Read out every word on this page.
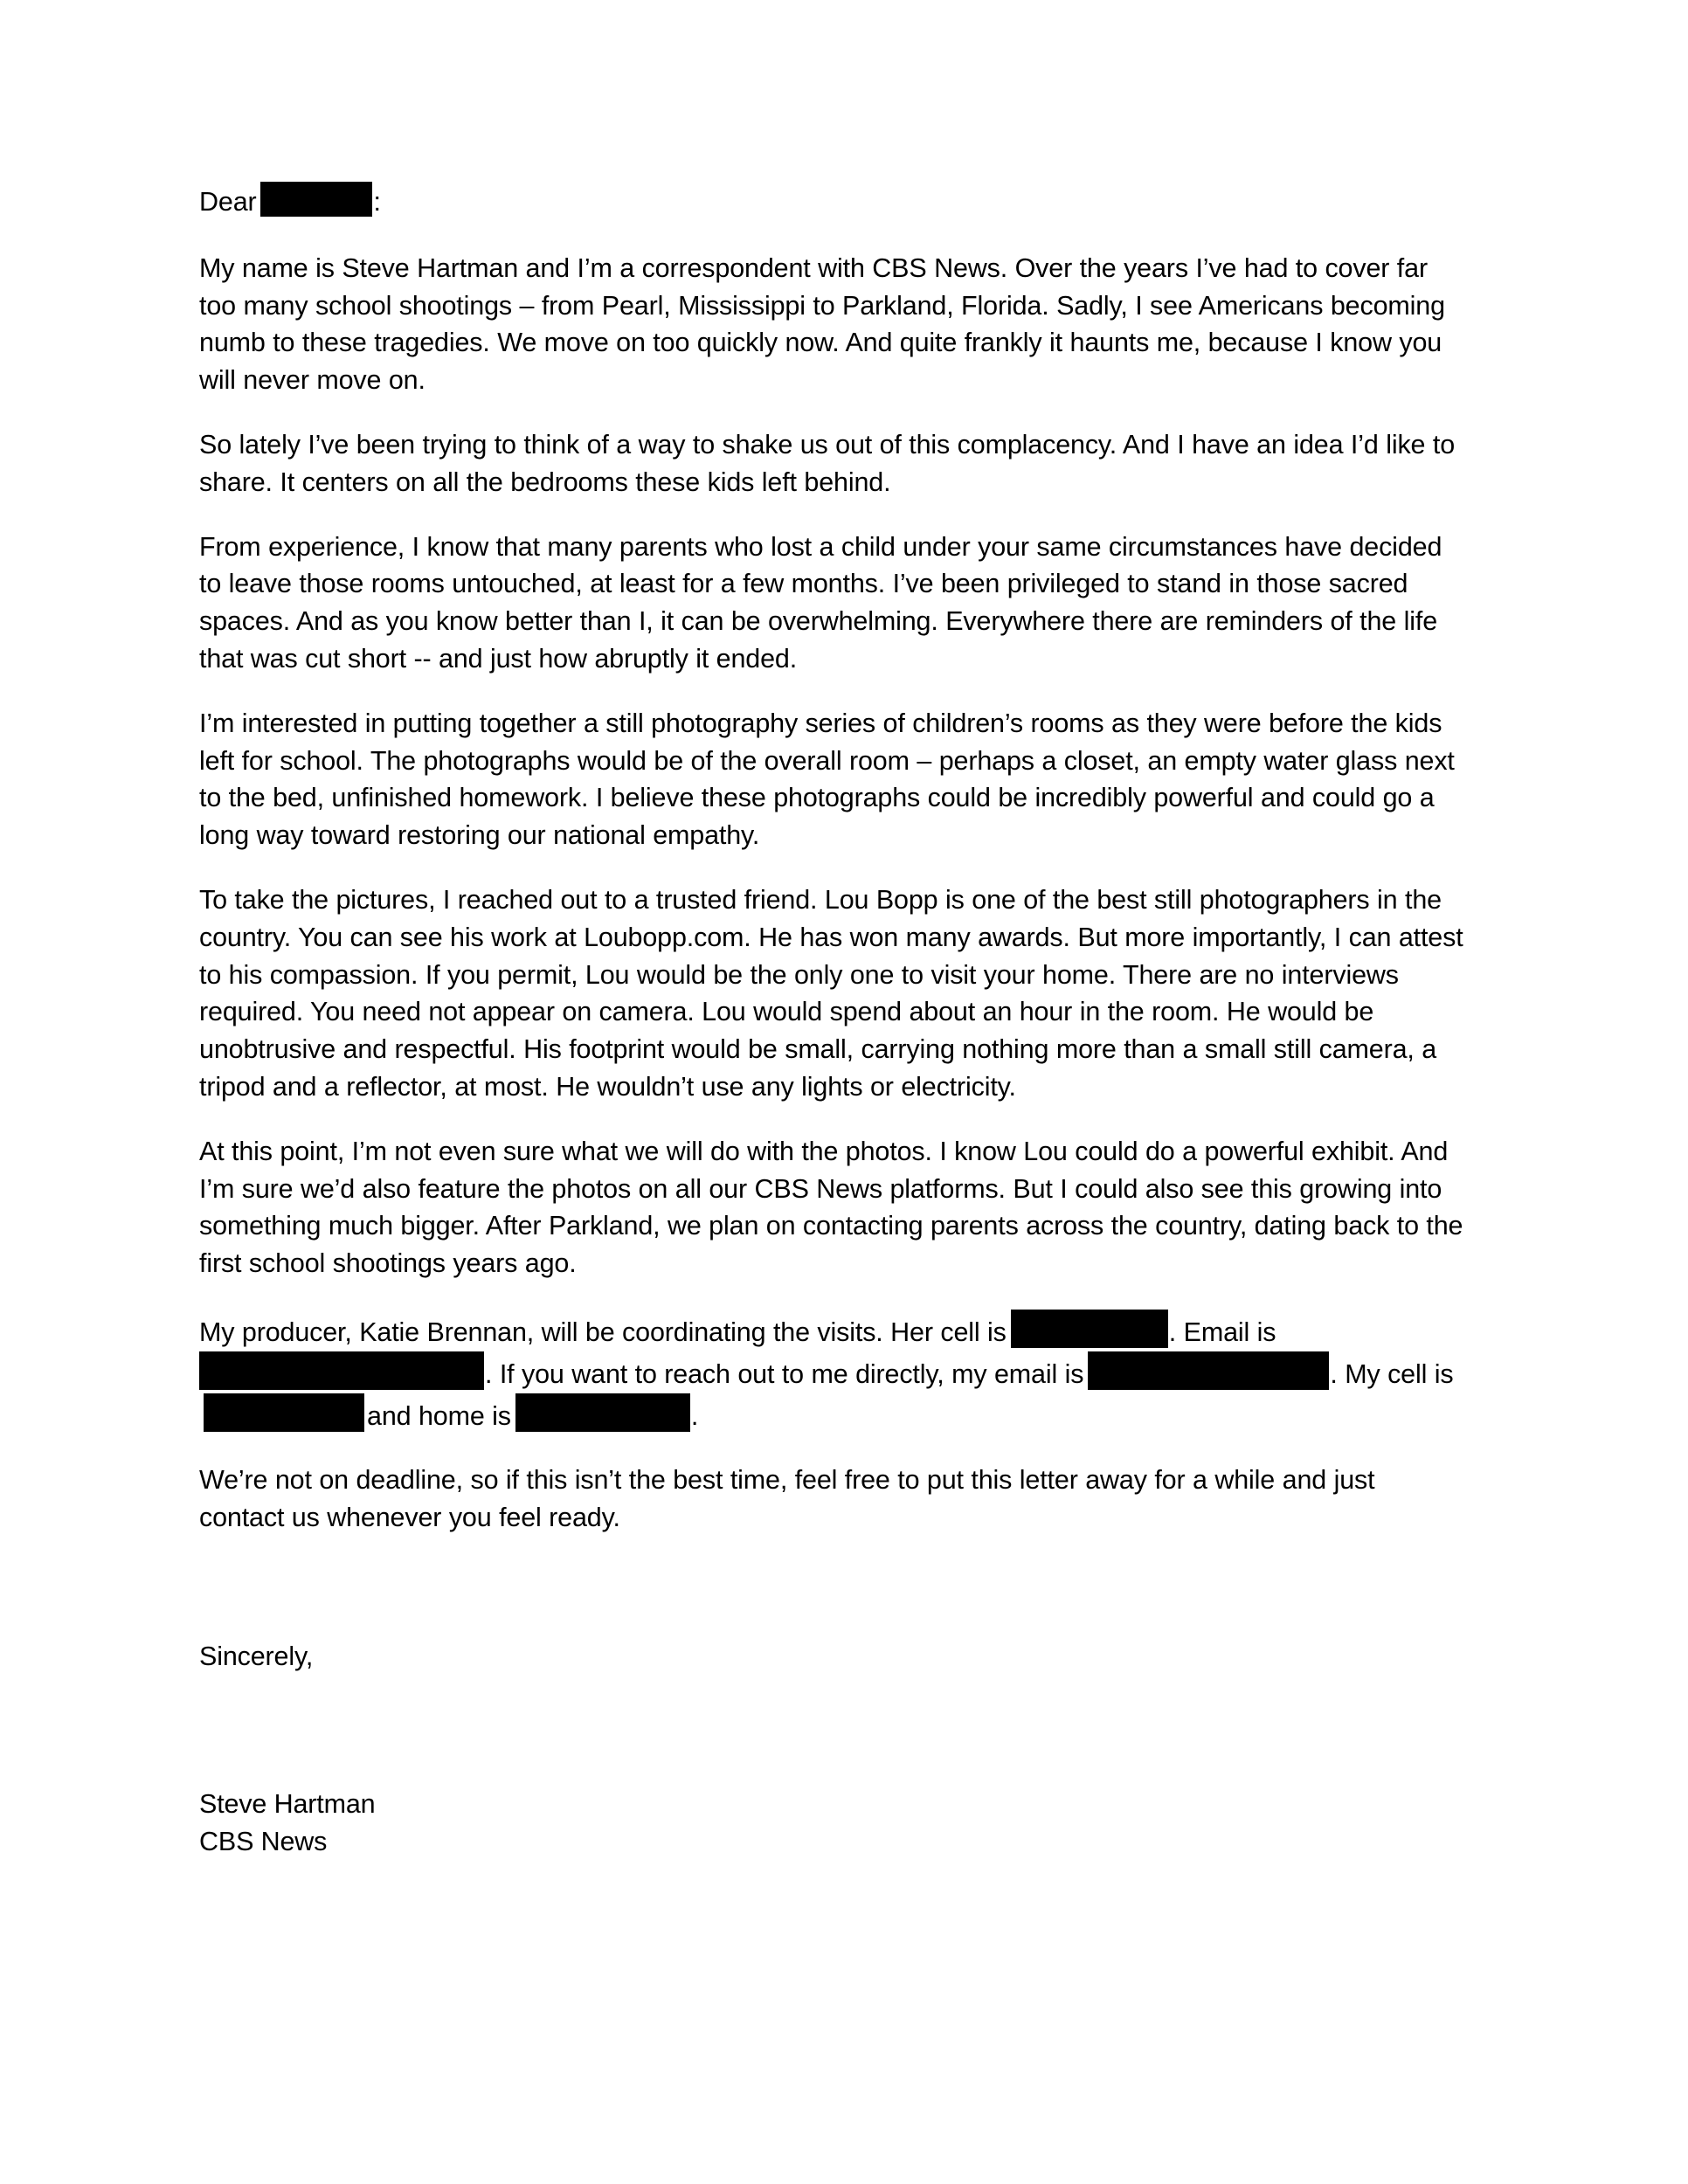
Dear	:

My name is Steve Hartman and I’m a correspondent with CBS News. Over the years I’ve had to cover far too many school shootings – from Pearl, Mississippi to Parkland, Florida. Sadly, I see Americans becoming numb to these tragedies. We move on too quickly now. And quite frankly it haunts me, because I know you will never move on.

So lately I’ve been trying to think of a way to shake us out of this complacency. And I have an idea I’d like to share. It centers on all the bedrooms these kids left behind.

From experience, I know that many parents who lost a child under your same circumstances have decided to leave those rooms untouched, at least for a few months. I’ve been privileged to stand in those sacred spaces. And as you know better than I, it can be overwhelming. Everywhere there are reminders of the life that was cut short -- and just how abruptly it ended.

I’m interested in putting together a still photography series of children’s rooms as they were before the kids left for school. The photographs would be of the overall room – perhaps a closet, an empty water glass next to the bed, unfinished homework. I believe these photographs could be incredibly powerful and could go a long way toward restoring our national empathy.

To take the pictures, I reached out to a trusted friend. Lou Bopp is one of the best still photographers in the country. You can see his work at Loubopp.com. He has won many awards. But more importantly, I can attest to his compassion. If you permit, Lou would be the only one to visit your home. There are no interviews required. You need not appear on camera. Lou would spend about an hour in the room. He would be unobtrusive and respectful. His footprint would be small, carrying nothing more than a small still camera, a tripod and a reflector, at most. He wouldn’t use any lights or electricity.

At this point, I’m not even sure what we will do with the photos. I know Lou could do a powerful exhibit. And I’m sure we’d also feature the photos on all our CBS News platforms. But I could also see this growing into something much bigger. After Parkland, we plan on contacting parents across the country, dating back to the first school shootings years ago.

My producer, Katie Brennan, will be coordinating the visits. Her cell is	. Email is . If you want to reach out to me directly, my email is	. My cell isand home is	.

We’re not on deadline, so if this isn’t the best time, feel free to put this letter away for a while and just contact us whenever you feel ready.

Sincerely,
Steve Hartman
CBS News
